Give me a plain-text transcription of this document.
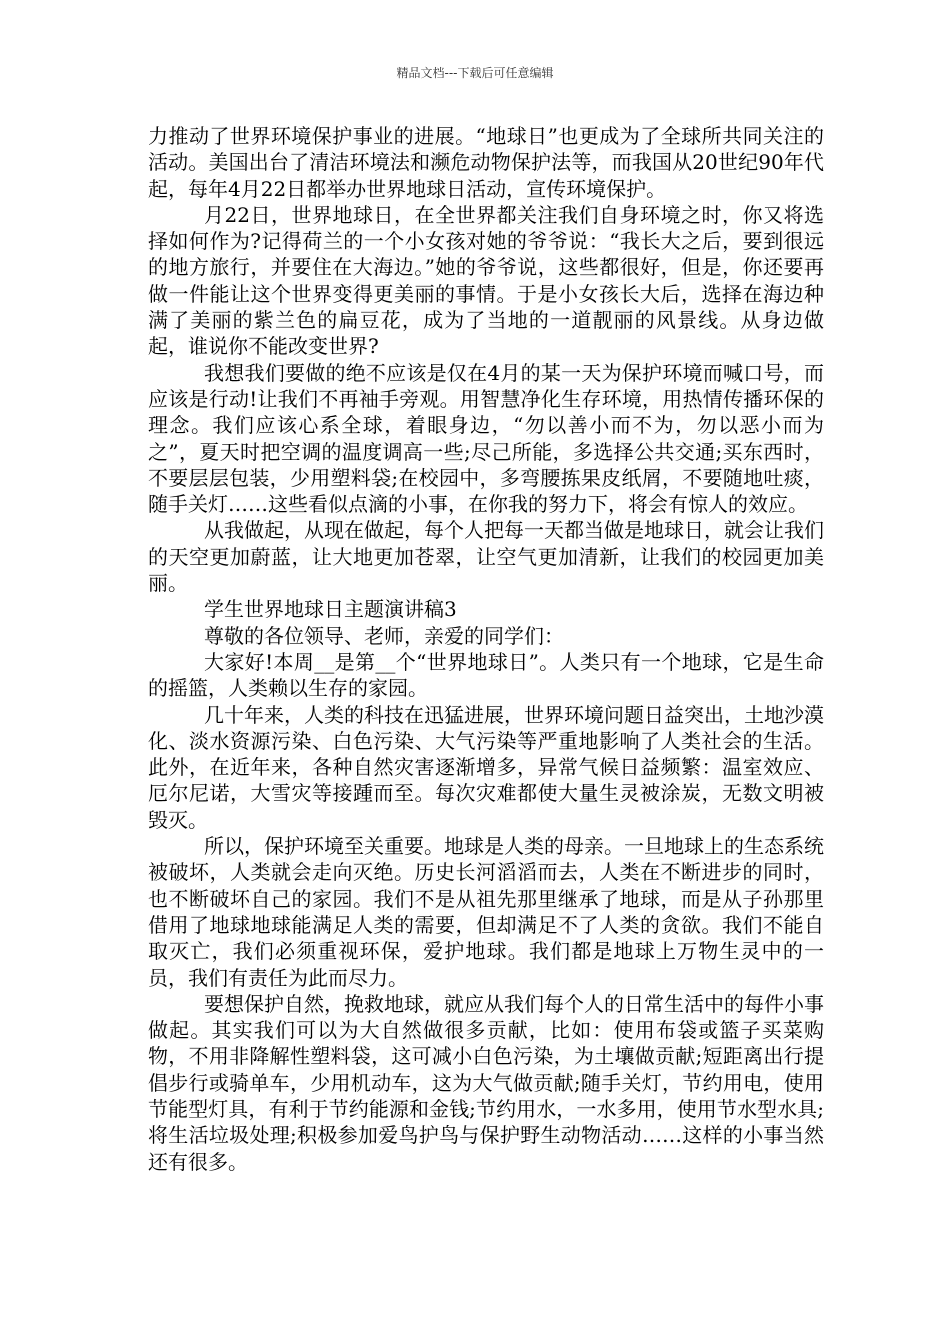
精品文档---下载后可任意编辑

力推动了世界环境保护事业的进展。“地球日”也更成为了全球所共同关注的活动。美国出台了清洁环境法和濒危动物保护法等，而我国从20世纪90年代起，每年4月22日都举办世界地球日活动，宣传环境保护。

月22日，世界地球日，在全世界都关注我们自身环境之时，你又将选择如何作为?记得荷兰的一个小女孩对她的爷爷说：“我长大之后，要到很远的地方旅行，并要住在大海边。”她的爷爷说，这些都很好，但是，你还要再做一件能让这个世界变得更美丽的事情。于是小女孩长大后，选择在海边种满了美丽的紫兰色的扁豆花，成为了当地的一道靓丽的风景线。从身边做起，谁说你不能改变世界?

我想我们要做的绝不应该是仅在4月的某一天为保护环境而喊口号，而应该是行动!让我们不再袖手旁观。用智慧净化生存环境，用热情传播环保的理念。我们应该心系全球，着眼身边，“勿以善小而不为，勿以恶小而为之”，夏天时把空调的温度调高一些;尽己所能，多选择公共交通;买东西时，不要层层包装，少用塑料袋;在校园中，多弯腰拣果皮纸屑，不要随地吐痰，随手关灯……这些看似点滴的小事，在你我的努力下，将会有惊人的效应。

从我做起，从现在做起，每个人把每一天都当做是地球日，就会让我们的天空更加蔚蓝，让大地更加苍翠，让空气更加清新，让我们的校园更加美丽。

学生世界地球日主题演讲稿3

尊敬的各位领导、老师，亲爱的同学们：

大家好!本周__是第__个“世界地球日”。人类只有一个地球，它是生命的摇篮，人类赖以生存的家园。

几十年来，人类的科技在迅猛进展，世界环境问题日益突出，土地沙漠化、淡水资源污染、白色污染、大气污染等严重地影响了人类社会的生活。此外，在近年来，各种自然灾害逐渐增多，异常气候日益频繁：温室效应、厄尔尼诺，大雪灾等接踵而至。每次灾难都使大量生灵被涂炭，无数文明被毁灭。

所以，保护环境至关重要。地球是人类的母亲。一旦地球上的生态系统被破坏，人类就会走向灭绝。历史长河滔滔而去，人类在不断进步的同时，也不断破坏自己的家园。我们不是从祖先那里继承了地球，而是从子孙那里借用了地球地球能满足人类的需要，但却满足不了人类的贪欲。我们不能自取灭亡，我们必须重视环保，爱护地球。我们都是地球上万物生灵中的一员，我们有责任为此而尽力。

要想保护自然，挽救地球，就应从我们每个人的日常生活中的每件小事做起。其实我们可以为大自然做很多贡献，比如：使用布袋或篮子买菜购物，不用非降解性塑料袋，这可减小白色污染，为土壤做贡献;短距离出行提倡步行或骑单车，少用机动车，这为大气做贡献;随手关灯，节约用电，使用节能型灯具，有利于节约能源和金钱;节约用水，一水多用，使用节水型水具;将生活垃圾处理;积极参加爱鸟护鸟与保护野生动物活动……这样的小事当然还有很多。
